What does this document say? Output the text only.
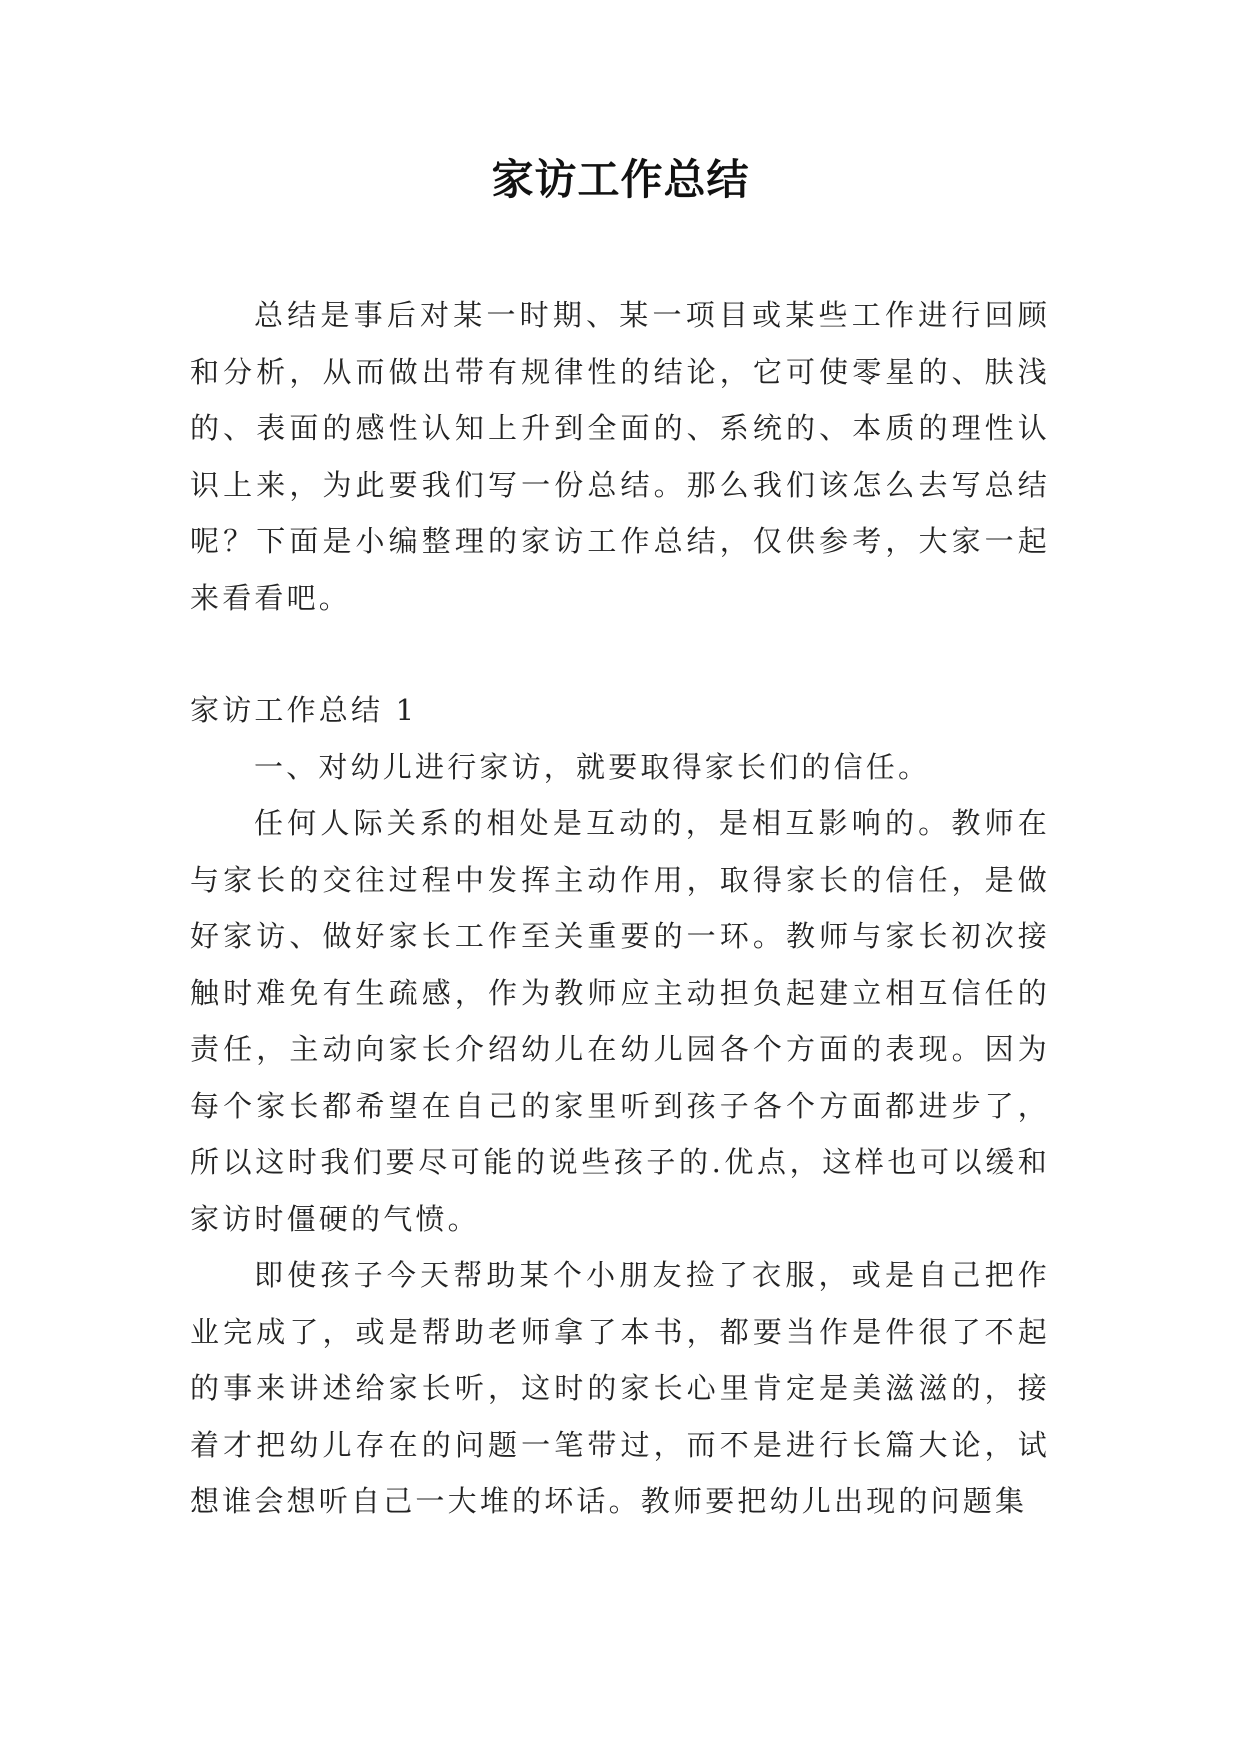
家访工作总结

总结是事后对某一时期、某一项目或某些工作进行回顾和分析，从而做出带有规律性的结论，它可使零星的、肤浅的、表面的感性认知上升到全面的、系统的、本质的理性认识上来，为此要我们写一份总结。那么我们该怎么去写总结呢？下面是小编整理的家访工作总结，仅供参考，大家一起来看看吧。

家访工作总结 1

一、对幼儿进行家访，就要取得家长们的信任。

任何人际关系的相处是互动的，是相互影响的。教师在与家长的交往过程中发挥主动作用，取得家长的信任，是做好家访、做好家长工作至关重要的一环。教师与家长初次接触时难免有生疏感，作为教师应主动担负起建立相互信任的责任，主动向家长介绍幼儿在幼儿园各个方面的表现。因为每个家长都希望在自己的家里听到孩子各个方面都进步了，所以这时我们要尽可能的说些孩子的.优点，这样也可以缓和家访时僵硬的气愤。

即使孩子今天帮助某个小朋友捡了衣服，或是自己把作业完成了，或是帮助老师拿了本书，都要当作是件很了不起的事来讲述给家长听，这时的家长心里肯定是美滋滋的，接着才把幼儿存在的问题一笔带过，而不是进行长篇大论，试想谁会想听自己一大堆的坏话。教师要把幼儿出现的问题集
